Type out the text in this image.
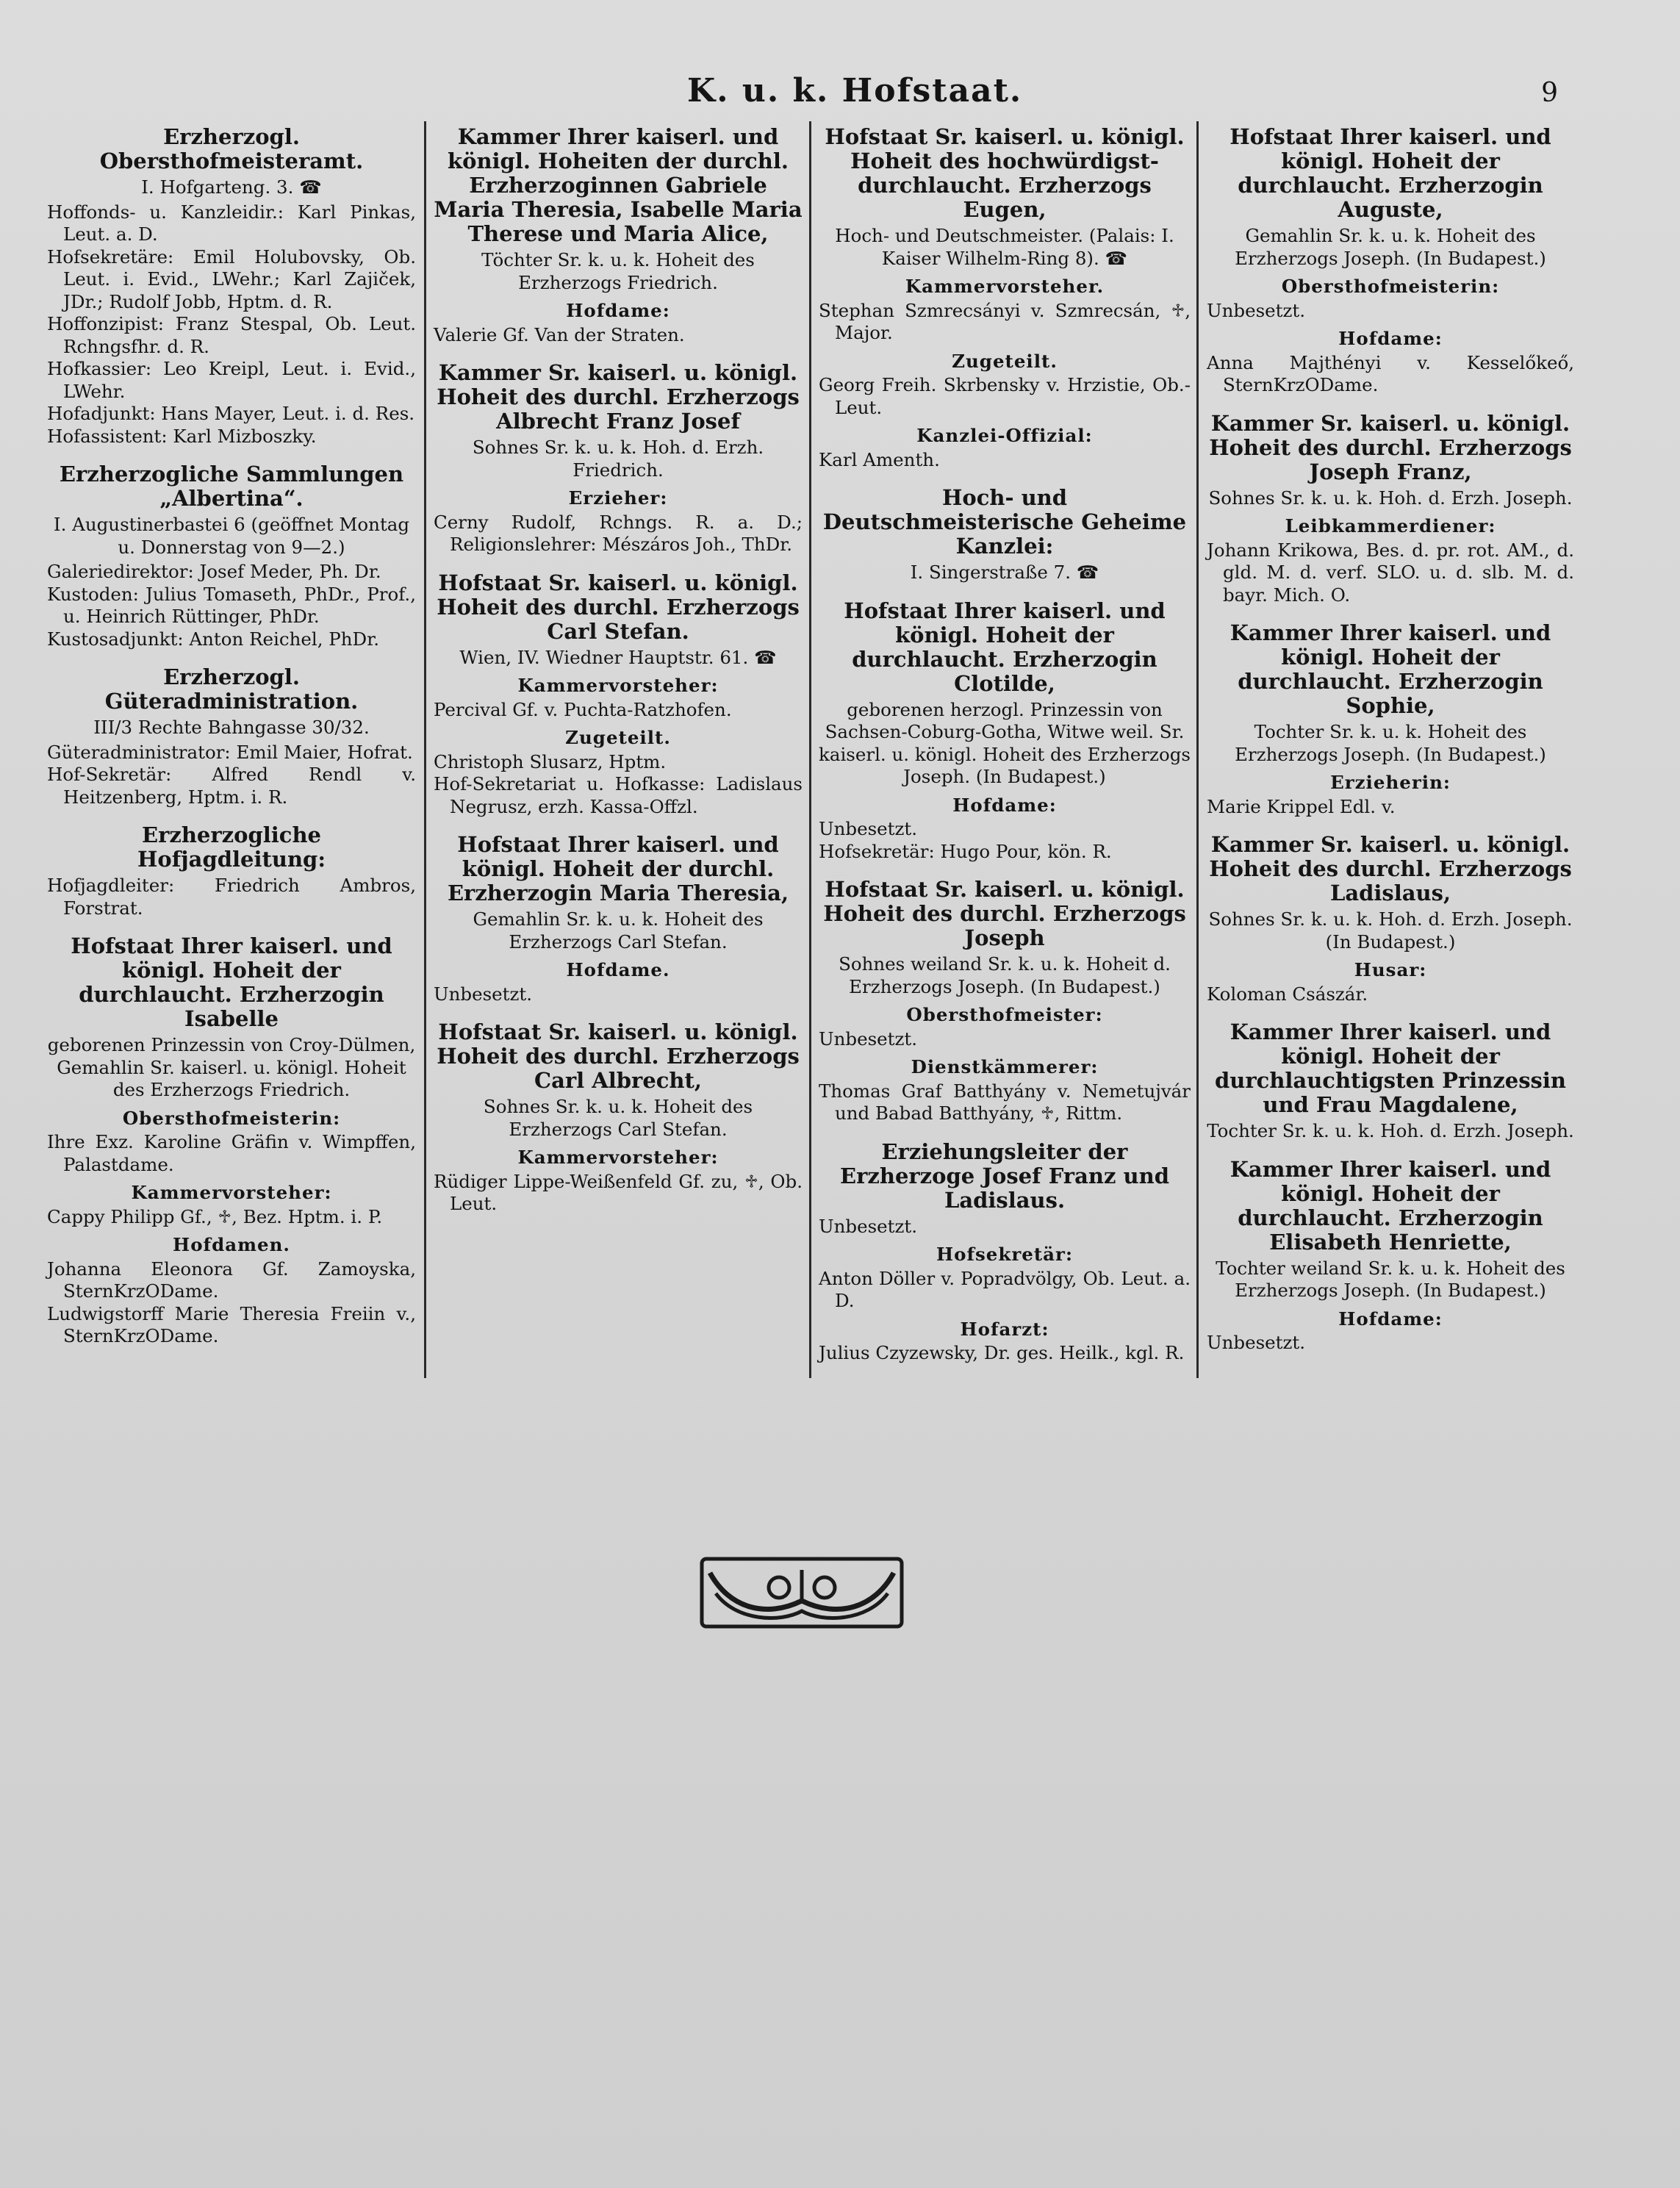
K. u. k. Hofstaat.	9
Erzherzogl. Obersthofmeisteramt.
I. Hofgarteng. 3. ☎
Hoffonds- u. Kanzleidir.: Karl Pinkas, Leut. a. D.
Hofsekretäre: Emil Holubovsky, Ob. Leut. i. Evid., LWehr.; Karl Zajiček, JDr.; Rudolf Jobb, Hptm. d. R.
Hoffonzipist: Franz Stespal, Ob. Leut. Rchngsfhr. d. R.
Hofkassier: Leo Kreipl, Leut. i. Evid., LWehr.
Hofadjunkt: Hans Mayer, Leut. i. d. Res.
Hofassistent: Karl Mizboszky.
Erzherzogliche Sammlungen „Albertina“.
I. Augustinerbastei 6 (geöffnet Montag u. Donnerstag von 9—2.)
Galeriedirektor: Josef Meder, Ph. Dr.
Kustoden: Julius Tomaseth, PhDr., Prof., u. Heinrich Rüttinger, PhDr.
Kustosadjunkt: Anton Reichel, PhDr.
Erzherzogl. Güteradministration.
III/3 Rechte Bahngasse 30/32.
Güteradministrator: Emil Maier, Hofrat.
Hof-Sekretär: Alfred Rendl v. Heitzenberg, Hptm. i. R.
Erzherzogliche Hofjagdleitung:
Hofjagdleiter: Friedrich Ambros, Forstrat.
Hofstaat Ihrer kaiserl. und königl. Hoheit der durchlaucht. Erzherzogin Isabelle
geborenen Prinzessin von Croy-Dülmen, Gemahlin Sr. kaiserl. u. königl. Hoheit des Erzherzogs Friedrich.
Obersthofmeisterin:
Ihre Exz. Karoline Gräfin v. Wimpffen, Palastdame.
Kammervorsteher:
Cappy Philipp Gf., ♱, Bez. Hptm. i. P.
Hofdamen.
Johanna Eleonora Gf. Zamoyska, SternKrzODame.
Ludwigstorff Marie Theresia Freiin v., SternKrzODame.
Kammer Ihrer kaiserl. und königl. Hoheiten der durchl. Erzherzoginnen Gabriele Maria Theresia, Isabelle Maria Therese und Maria Alice,
Töchter Sr. k. u. k. Hoheit des Erzherzogs Friedrich.
Hofdame:
Valerie Gf. Van der Straten.
Kammer Sr. kaiserl. u. königl. Hoheit des durchl. Erzherzogs Albrecht Franz Josef
Sohnes Sr. k. u. k. Hoh. d. Erzh. Friedrich.
Erzieher:
Cerny Rudolf, Rchngs. R. a. D.; Religionslehrer: Mészáros Joh., ThDr.
Hofstaat Sr. kaiserl. u. königl. Hoheit des durchl. Erzherzogs Carl Stefan.
Wien, IV. Wiedner Hauptstr. 61. ☎
Kammervorsteher:
Percival Gf. v. Puchta-Ratzhofen.
Zugeteilt.
Christoph Slusarz, Hptm.
Hof-Sekretariat u. Hofkasse: Ladislaus Negrusz, erzh. Kassa-Offzl.
Hofstaat Ihrer kaiserl. und königl. Hoheit der durchl. Erzherzogin Maria Theresia,
Gemahlin Sr. k. u. k. Hoheit des Erzherzogs Carl Stefan.
Hofdame.
Unbesetzt.
Hofstaat Sr. kaiserl. u. königl. Hoheit des durchl. Erzherzogs Carl Albrecht,
Sohnes Sr. k. u. k. Hoheit des Erzherzogs Carl Stefan.
Kammervorsteher:
Rüdiger Lippe-Weißenfeld Gf. zu, ♱, Ob. Leut.
Hofstaat Sr. kaiserl. u. königl. Hoheit des hochwürdigst-durchlaucht. Erzherzogs Eugen,
Hoch- und Deutschmeister. (Palais: I. Kaiser Wilhelm-Ring 8). ☎
Kammervorsteher.
Stephan Szmrecsányi v. Szmrecsán, ♱, Major.
Zugeteilt.
Georg Freih. Skrbensky v. Hrzistie, Ob.-Leut.
Kanzlei-Offizial:
Karl Amenth.
Hoch- und Deutschmeisterische Geheime Kanzlei:
I. Singerstraße 7. ☎
Hofstaat Ihrer kaiserl. und königl. Hoheit der durchlaucht. Erzherzogin Clotilde,
geborenen herzogl. Prinzessin von Sachsen-Coburg-Gotha, Witwe weil. Sr. kaiserl. u. königl. Hoheit des Erzherzogs Joseph. (In Budapest.)
Hofdame:
Unbesetzt.
Hofsekretär: Hugo Pour, kön. R.
Hofstaat Sr. kaiserl. u. königl. Hoheit des durchl. Erzherzogs Joseph
Sohnes weiland Sr. k. u. k. Hoheit d. Erzherzogs Joseph. (In Budapest.)
Obersthofmeister:
Unbesetzt.
Dienstkämmerer:
Thomas Graf Batthyány v. Nemetujvár und Babad Batthyány, ♱, Rittm.
Erziehungsleiter der Erzherzoge Josef Franz und Ladislaus.
Unbesetzt.
Hofsekretär:
Anton Döller v. Popradvölgy, Ob. Leut. a. D.
Hofarzt:
Julius Czyzewsky, Dr. ges. Heilk., kgl. R.
Hofstaat Ihrer kaiserl. und königl. Hoheit der durchlaucht. Erzherzogin Auguste,
Gemahlin Sr. k. u. k. Hoheit des Erzherzogs Joseph. (In Budapest.)
Obersthofmeisterin:
Unbesetzt.
Hofdame:
Anna Majthényi v. Kesselőkeő, SternKrzODame.
Kammer Sr. kaiserl. u. königl. Hoheit des durchl. Erzherzogs Joseph Franz,
Sohnes Sr. k. u. k. Hoh. d. Erzh. Joseph.
Leibkammerdiener:
Johann Krikowa, Bes. d. pr. rot. AM., d. gld. M. d. verf. SLO. u. d. slb. M. d. bayr. Mich. O.
Kammer Ihrer kaiserl. und königl. Hoheit der durchlaucht. Erzherzogin Sophie,
Tochter Sr. k. u. k. Hoheit des Erzherzogs Joseph. (In Budapest.)
Erzieherin:
Marie Krippel Edl. v.
Kammer Sr. kaiserl. u. königl. Hoheit des durchl. Erzherzogs Ladislaus,
Sohnes Sr. k. u. k. Hoh. d. Erzh. Joseph. (In Budapest.)
Husar:
Koloman Császár.
Kammer Ihrer kaiserl. und königl. Hoheit der durchlauchtigsten Prinzessin und Frau Magdalene,
Tochter Sr. k. u. k. Hoh. d. Erzh. Joseph.
Kammer Ihrer kaiserl. und königl. Hoheit der durchlaucht. Erzherzogin Elisabeth Henriette,
Tochter weiland Sr. k. u. k. Hoheit des Erzherzogs Joseph. (In Budapest.)
Hofdame:
Unbesetzt.
